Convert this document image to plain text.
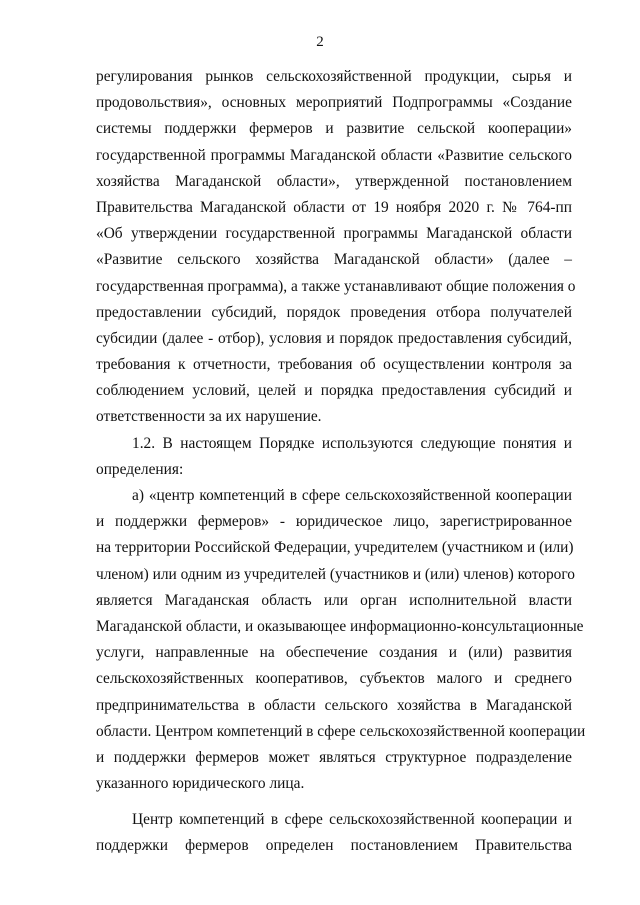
2
регулирования рынков сельскохозяйственной продукции, сырья и
продовольствия», основных мероприятий Подпрограммы «Создание
системы поддержки фермеров и развитие сельской кооперации»
государственной программы Магаданской области «Развитие сельского
хозяйства Магаданской области», утвержденной постановлением
Правительства Магаданской области от 19 ноября 2020 г. № 764-пп
«Об утверждении государственной программы Магаданской области
«Развитие сельского хозяйства Магаданской области» (далее –
государственная программа), а также устанавливают общие положения о
предоставлении субсидий, порядок проведения отбора получателей
субсидии (далее - отбор), условия и порядок предоставления субсидий,
требования к отчетности, требования об осуществлении контроля за
соблюдением условий, целей и порядка предоставления субсидий и
ответственности за их нарушение.
1.2. В настоящем Порядке используются следующие понятия и
определения:
а) «центр компетенций в сфере сельскохозяйственной кооперации
и поддержки фермеров» - юридическое лицо, зарегистрированное
на территории Российской Федерации, учредителем (участником и (или)
членом) или одним из учредителей (участников и (или) членов) которого
является Магаданская область или орган исполнительной власти
Магаданской области, и оказывающее информационно-консультационные
услуги, направленные на обеспечение создания и (или) развития
сельскохозяйственных кооперативов, субъектов малого и среднего
предпринимательства в области сельского хозяйства в Магаданской
области. Центром компетенций в сфере сельскохозяйственной кооперации
и поддержки фермеров может являться структурное подразделение
указанного юридического лица.
Центр компетенций в сфере сельскохозяйственной кооперации и
поддержки фермеров определен постановлением Правительства
